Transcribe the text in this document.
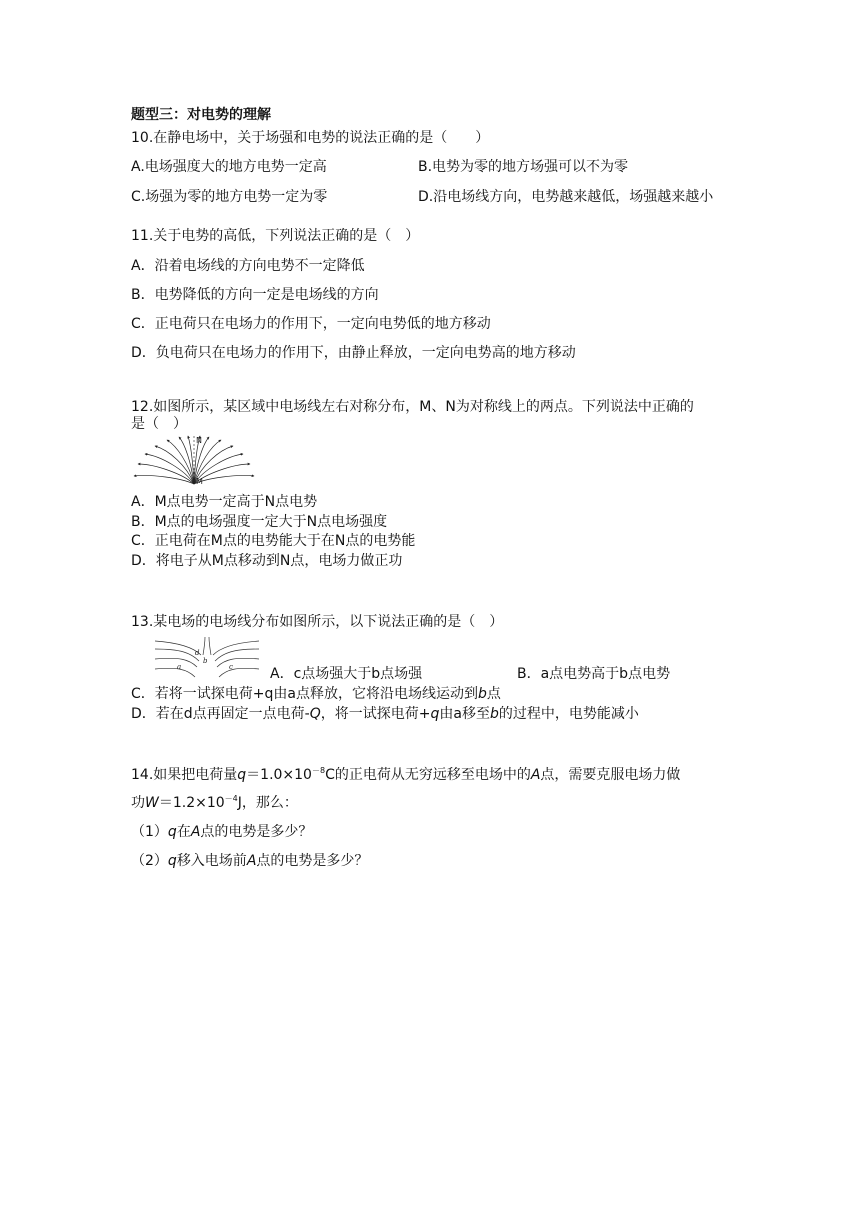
题型三：对电势的理解
10.在静电场中，关于场强和电势的说法正确的是（　　）
A.电场强度大的地方电势一定高	B.电势为零的地方场强可以不为零
C.场强为零的地方电势一定为零	D.沿电场线方向，电势越来越低，场强越来越小
11.关于电势的高低，下列说法正确的是（　）
A．沿着电场线的方向电势不一定降低
B．电势降低的方向一定是电场线的方向
C．正电荷只在电场力的作用下，一定向电势低的地方移动
D．负电荷只在电场力的作用下，由静止释放，一定向电势高的地方移动
12.如图所示，某区域中电场线左右对称分布，M、N为对称线上的两点。下列说法中正确的
是（　）
N
M
A．M点电势一定高于N点电势
B．M点的电场强度一定大于N点电场强度
C．正电荷在M点的电势能大于在N点的电势能
D．将电子从M点移动到N点，电场力做正功
13.某电场的电场线分布如图所示，以下说法正确的是（　）
d
b
a	c	A．c点场强大于b点场强	B．a点电势高于b点电势
C．若将一试探电荷+q由a点释放，它将沿电场线运动到b点
D．若在d点再固定一点电荷-Q，将一试探电荷+q由a移至b的过程中，电势能减小
14.如果把电荷量$q=1.0\times 10^{-8}C$的正电荷从无穷远移至电场中的A点，需要克服电场力做
功$W=1.2\times 10^{-4}J$，那么：
（1）q在A点的电势是多少？
（2）q移入电场前A点的电势是多少？
